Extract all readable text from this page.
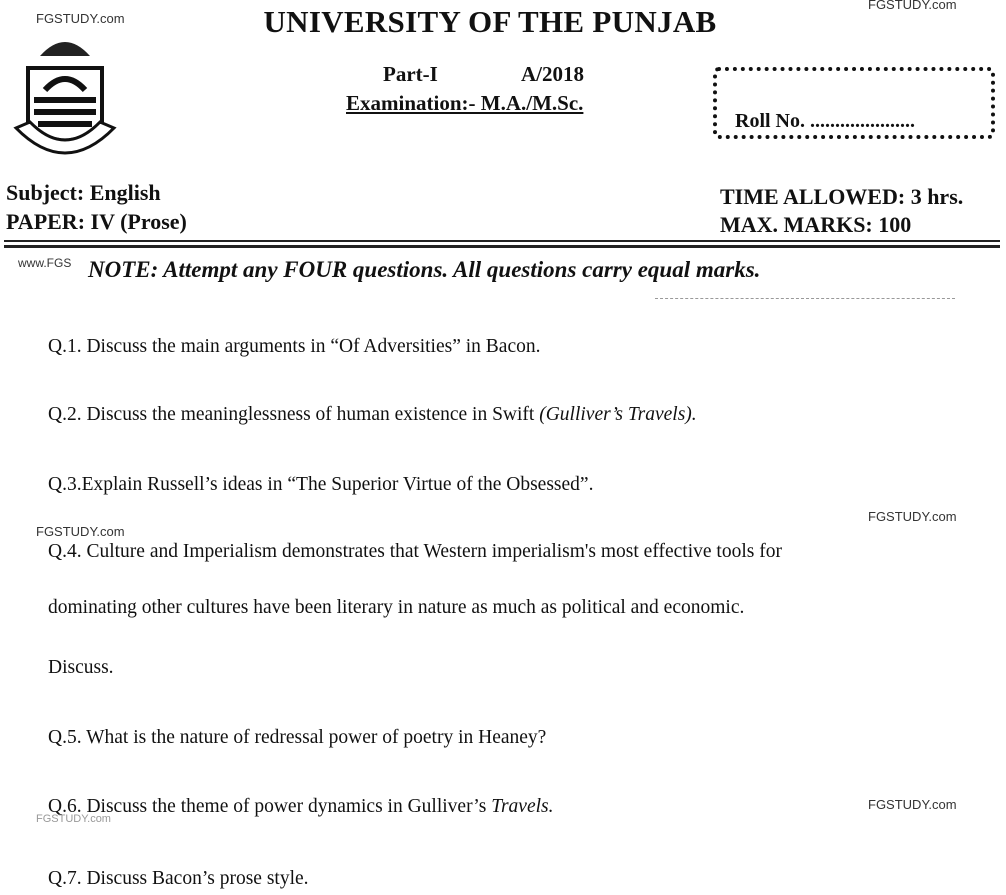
FGSTUDY.com
FGSTUDY.com
UNIVERSITY OF THE PUNJAB
Part-I	A/2018
Examination:- M.A./M.Sc.
Roll No. .....................
Subject: English
PAPER: IV (Prose)
TIME ALLOWED: 3 hrs.
MAX. MARKS: 100
www.FGS NOTE: Attempt any FOUR questions. All questions carry equal marks.
Q.1. Discuss the main arguments in “Of Adversities” in Bacon.
Q.2. Discuss the meaninglessness of human existence in Swift (Gulliver’s Travels).
Q.3.Explain Russell’s ideas in “The Superior Virtue of the Obsessed”.
FGSTUDY.com
FGSTUDY.com
Q.4. Culture and Imperialism demonstrates that Western imperialism's most effective tools for
dominating other cultures have been literary in nature as much as political and economic.
Discuss.
Q.5. What is the nature of redressal power of poetry in Heaney?
Q.6. Discuss the theme of power dynamics in Gulliver’s Travels.	FGSTUDY.com
FGSTUDY.com
Q.7. Discuss Bacon’s prose style.
